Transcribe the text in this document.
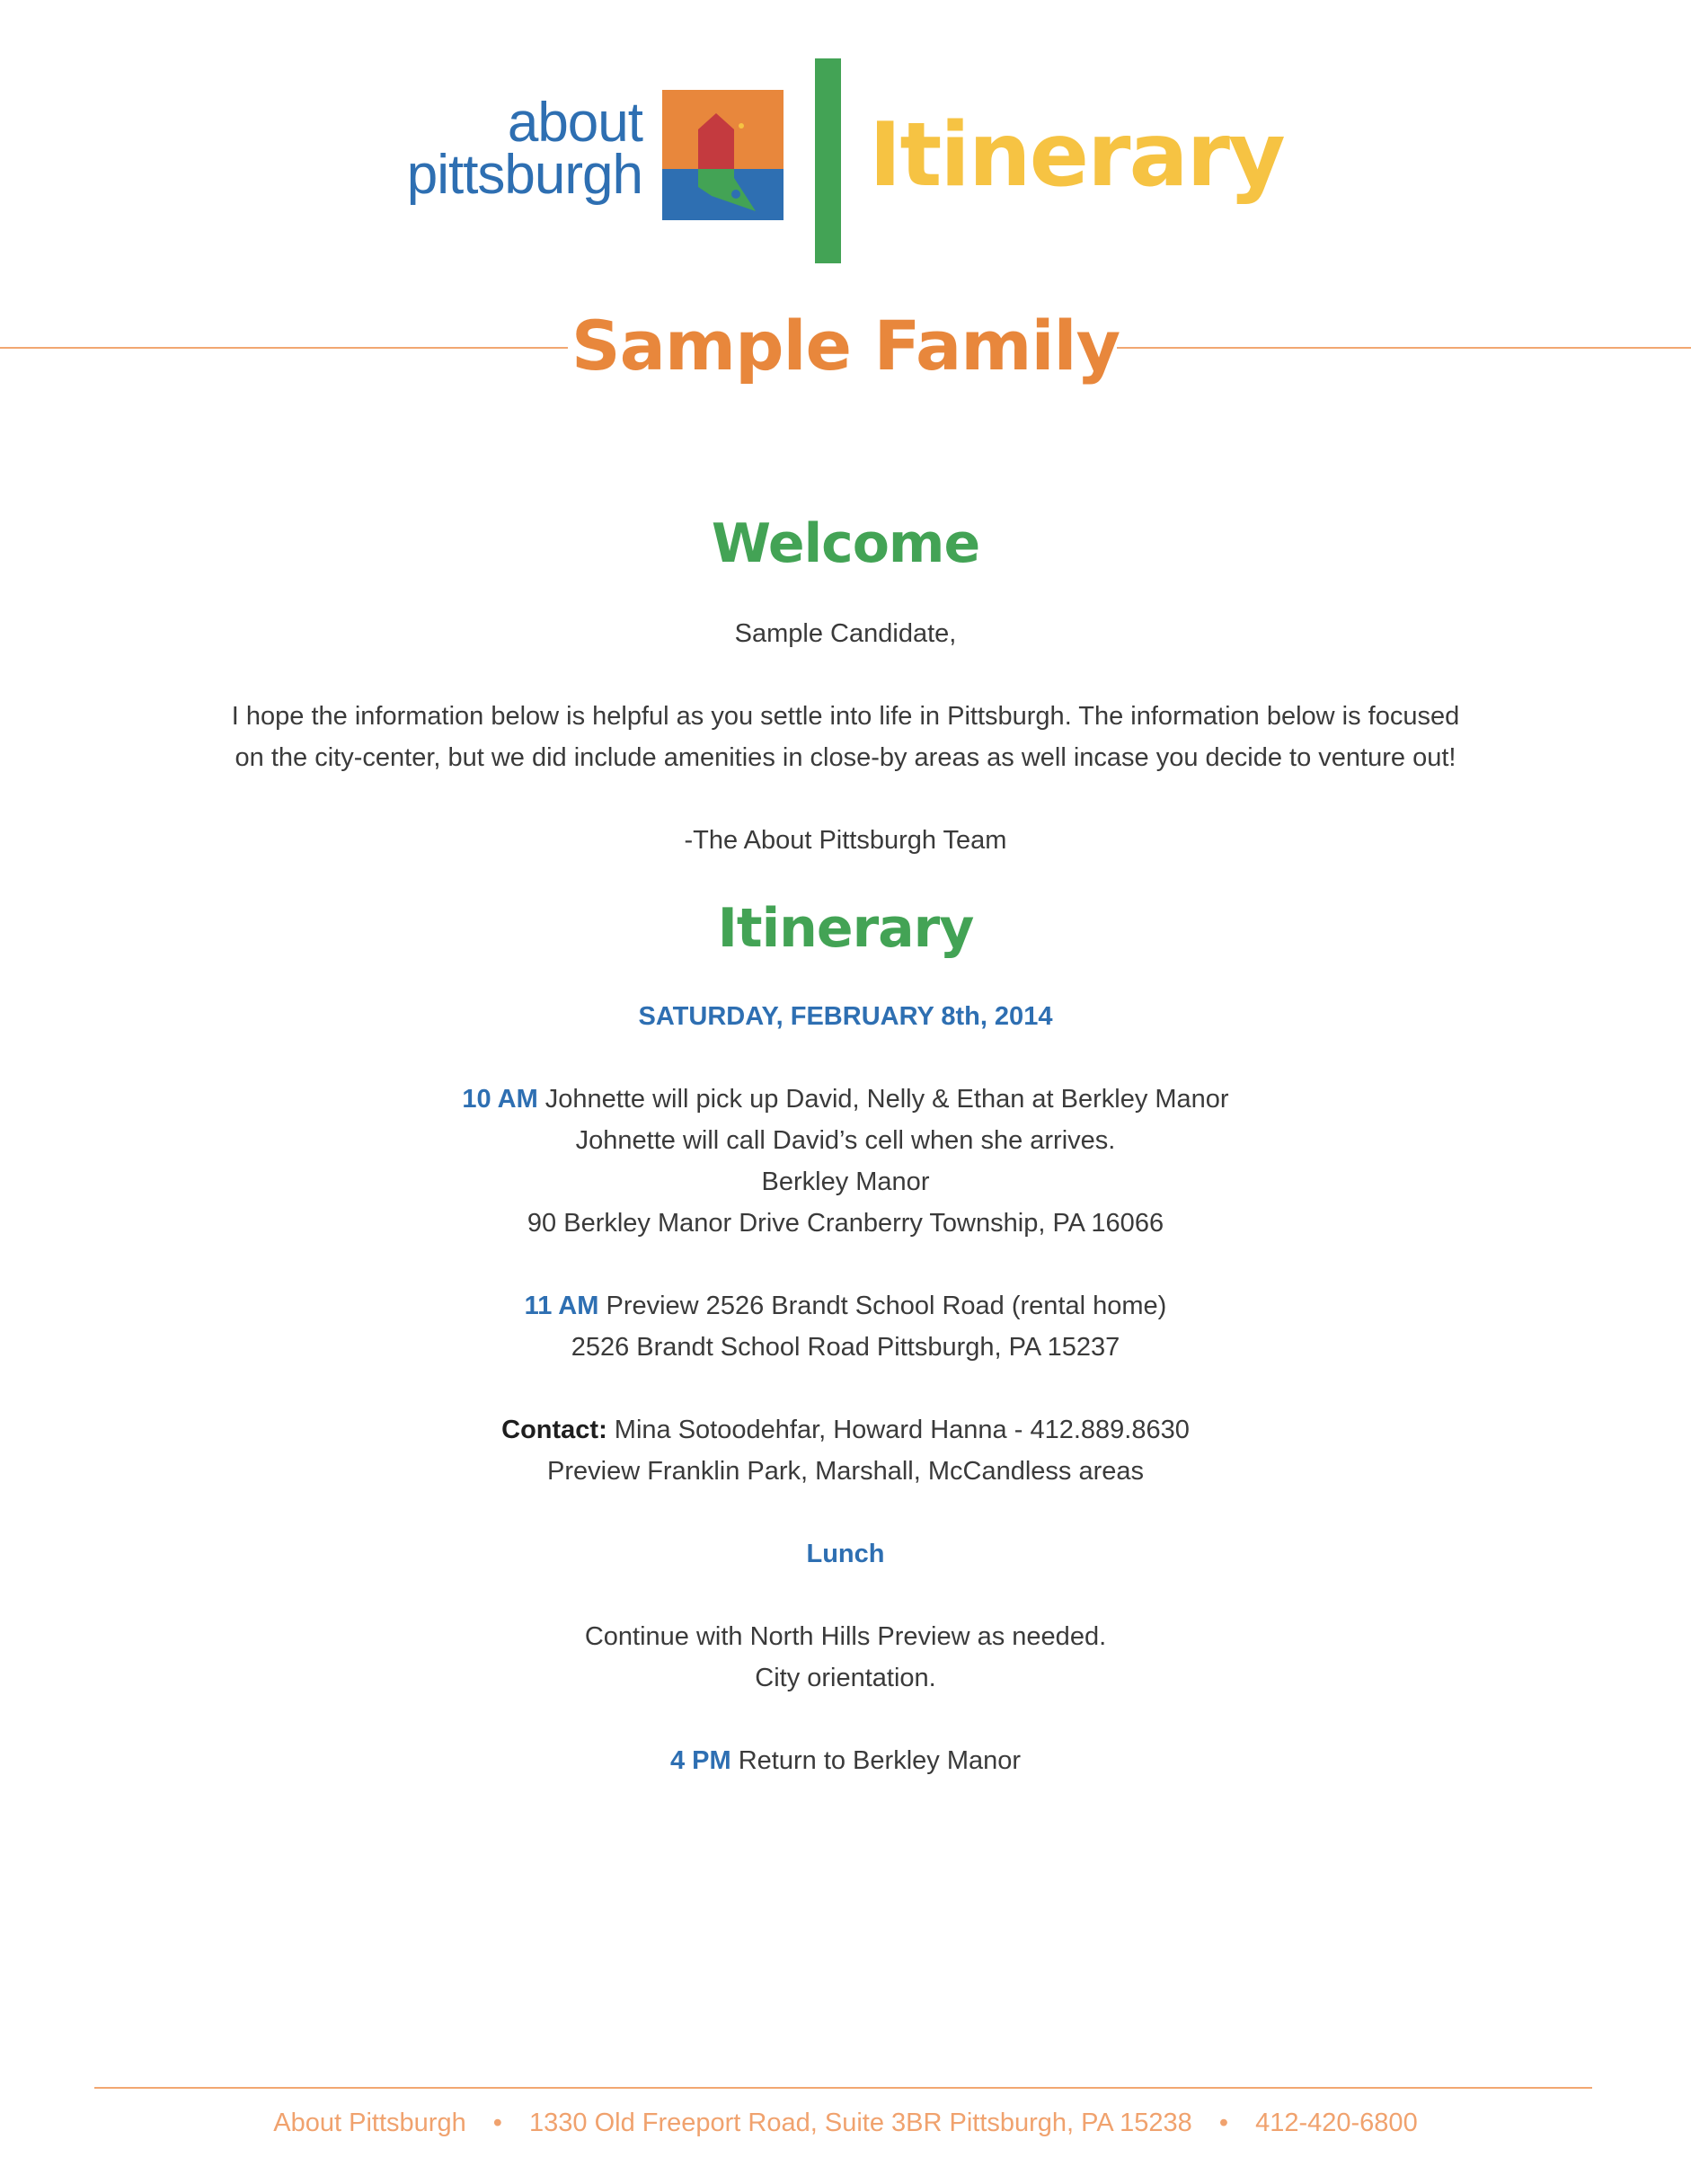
about
pittsburgh	Itinerary
Sample Family
Welcome

Sample Candidate,

I hope the information below is helpful as you settle into life in Pittsburgh. The information below is focused

on the city-center, but we did include amenities in close-by areas as well incase you decide to venture out!

-The About Pittsburgh Team

Itinerary

SATURDAY, FEBRUARY 8th, 2014

10 AM Johnette will pick up David, Nelly & Ethan at Berkley Manor

Johnette will call David’s cell when she arrives.

Berkley Manor

90 Berkley Manor Drive Cranberry Township, PA 16066

11 AM Preview 2526 Brandt School Road (rental home)

2526 Brandt School Road Pittsburgh, PA 15237

Contact: Mina Sotoodehfar, Howard Hanna - 412.889.8630

Preview Franklin Park, Marshall, McCandless areas

Lunch

Continue with North Hills Preview as needed.

City orientation.

4 PM Return to Berkley Manor

About Pittsburgh • 1330 Old Freeport Road, Suite 3BR Pittsburgh, PA 15238 • 412-420-6800
